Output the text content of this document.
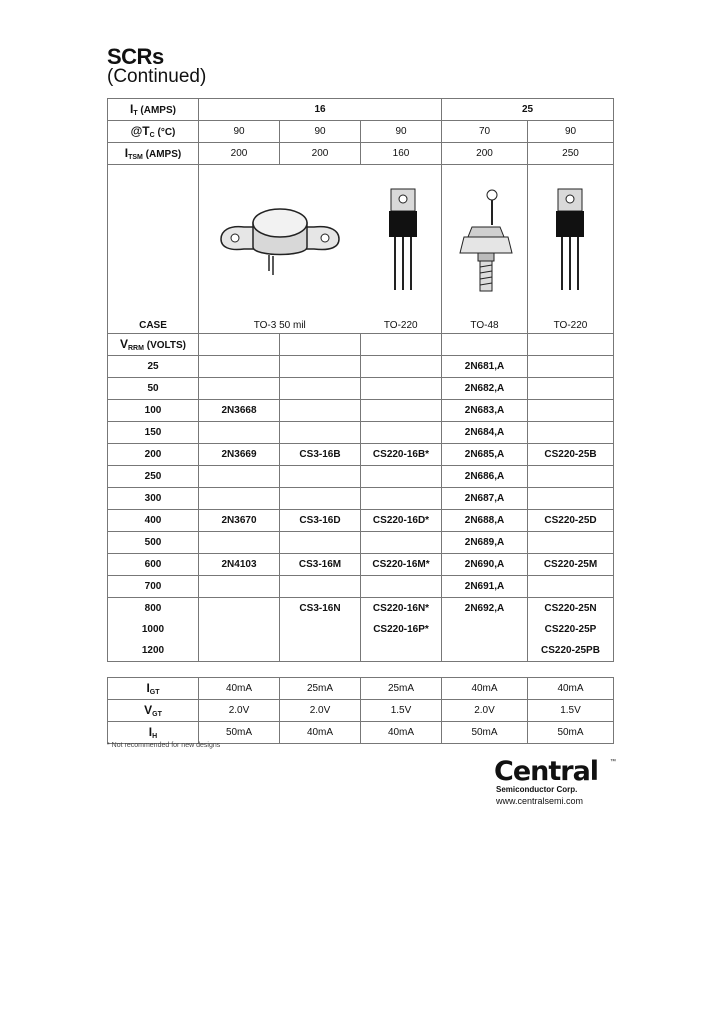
SCRs
(Continued)
$I_T$ (AMPS)	16			25	
$@T_C$ (°C)	90	90	90	70	90
$I_{TSM}$ (AMPS)	200	200	160	200	250

CASE	TO-3 50 mil		TO-220	TO-48	TO-220

$V_{RRM}$ (VOLTS)					
25				2N681,A	
50				2N682,A	
100	2N3668			2N683,A	
150				2N684,A	
200	2N3669	CS3-16B	CS220-16B*	2N685,A	CS220-25B
250				2N686,A	
300				2N687,A	
400	2N3670	CS3-16D	CS220-16D*	2N688,A	CS220-25D
500				2N689,A	
600	2N4103	CS3-16M	CS220-16M*	2N690,A	CS220-25M
700				2N691,A	
800		CS3-16N	CS220-16N*	2N692,A	CS220-25N
1000			CS220-16P*		CS220-25P
1200					CS220-25PB
$I_{GT}$	40mA	25mA	25mA	40mA	40mA
$V_{GT}$	2.0V	2.0V	1.5V	2.0V	1.5V
$I_H$	50mA	40mA	40mA	50mA	50mA
* Not recommended for new designs
Central ™
Semiconductor Corp.
www.centralsemi.com
